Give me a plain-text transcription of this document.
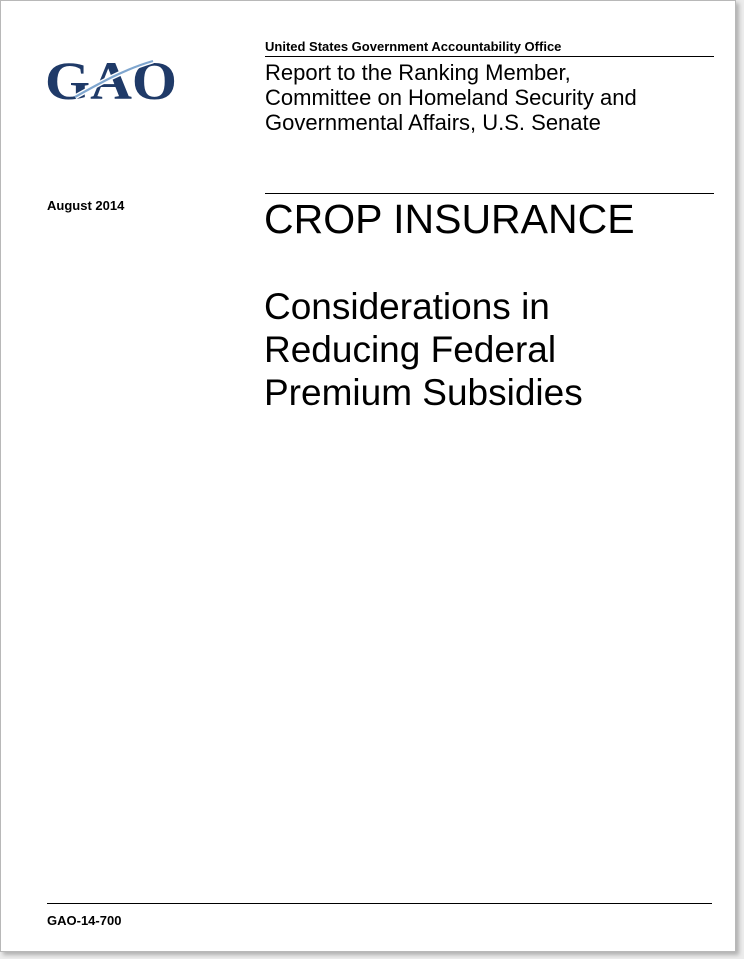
GAO
United States Government Accountability Office
Report to the Ranking Member,
Committee on Homeland Security and
Governmental Affairs, U.S. Senate
August 2014	CROP INSURANCE
Considerations in
Reducing Federal
Premium Subsidies
GAO-14-700
